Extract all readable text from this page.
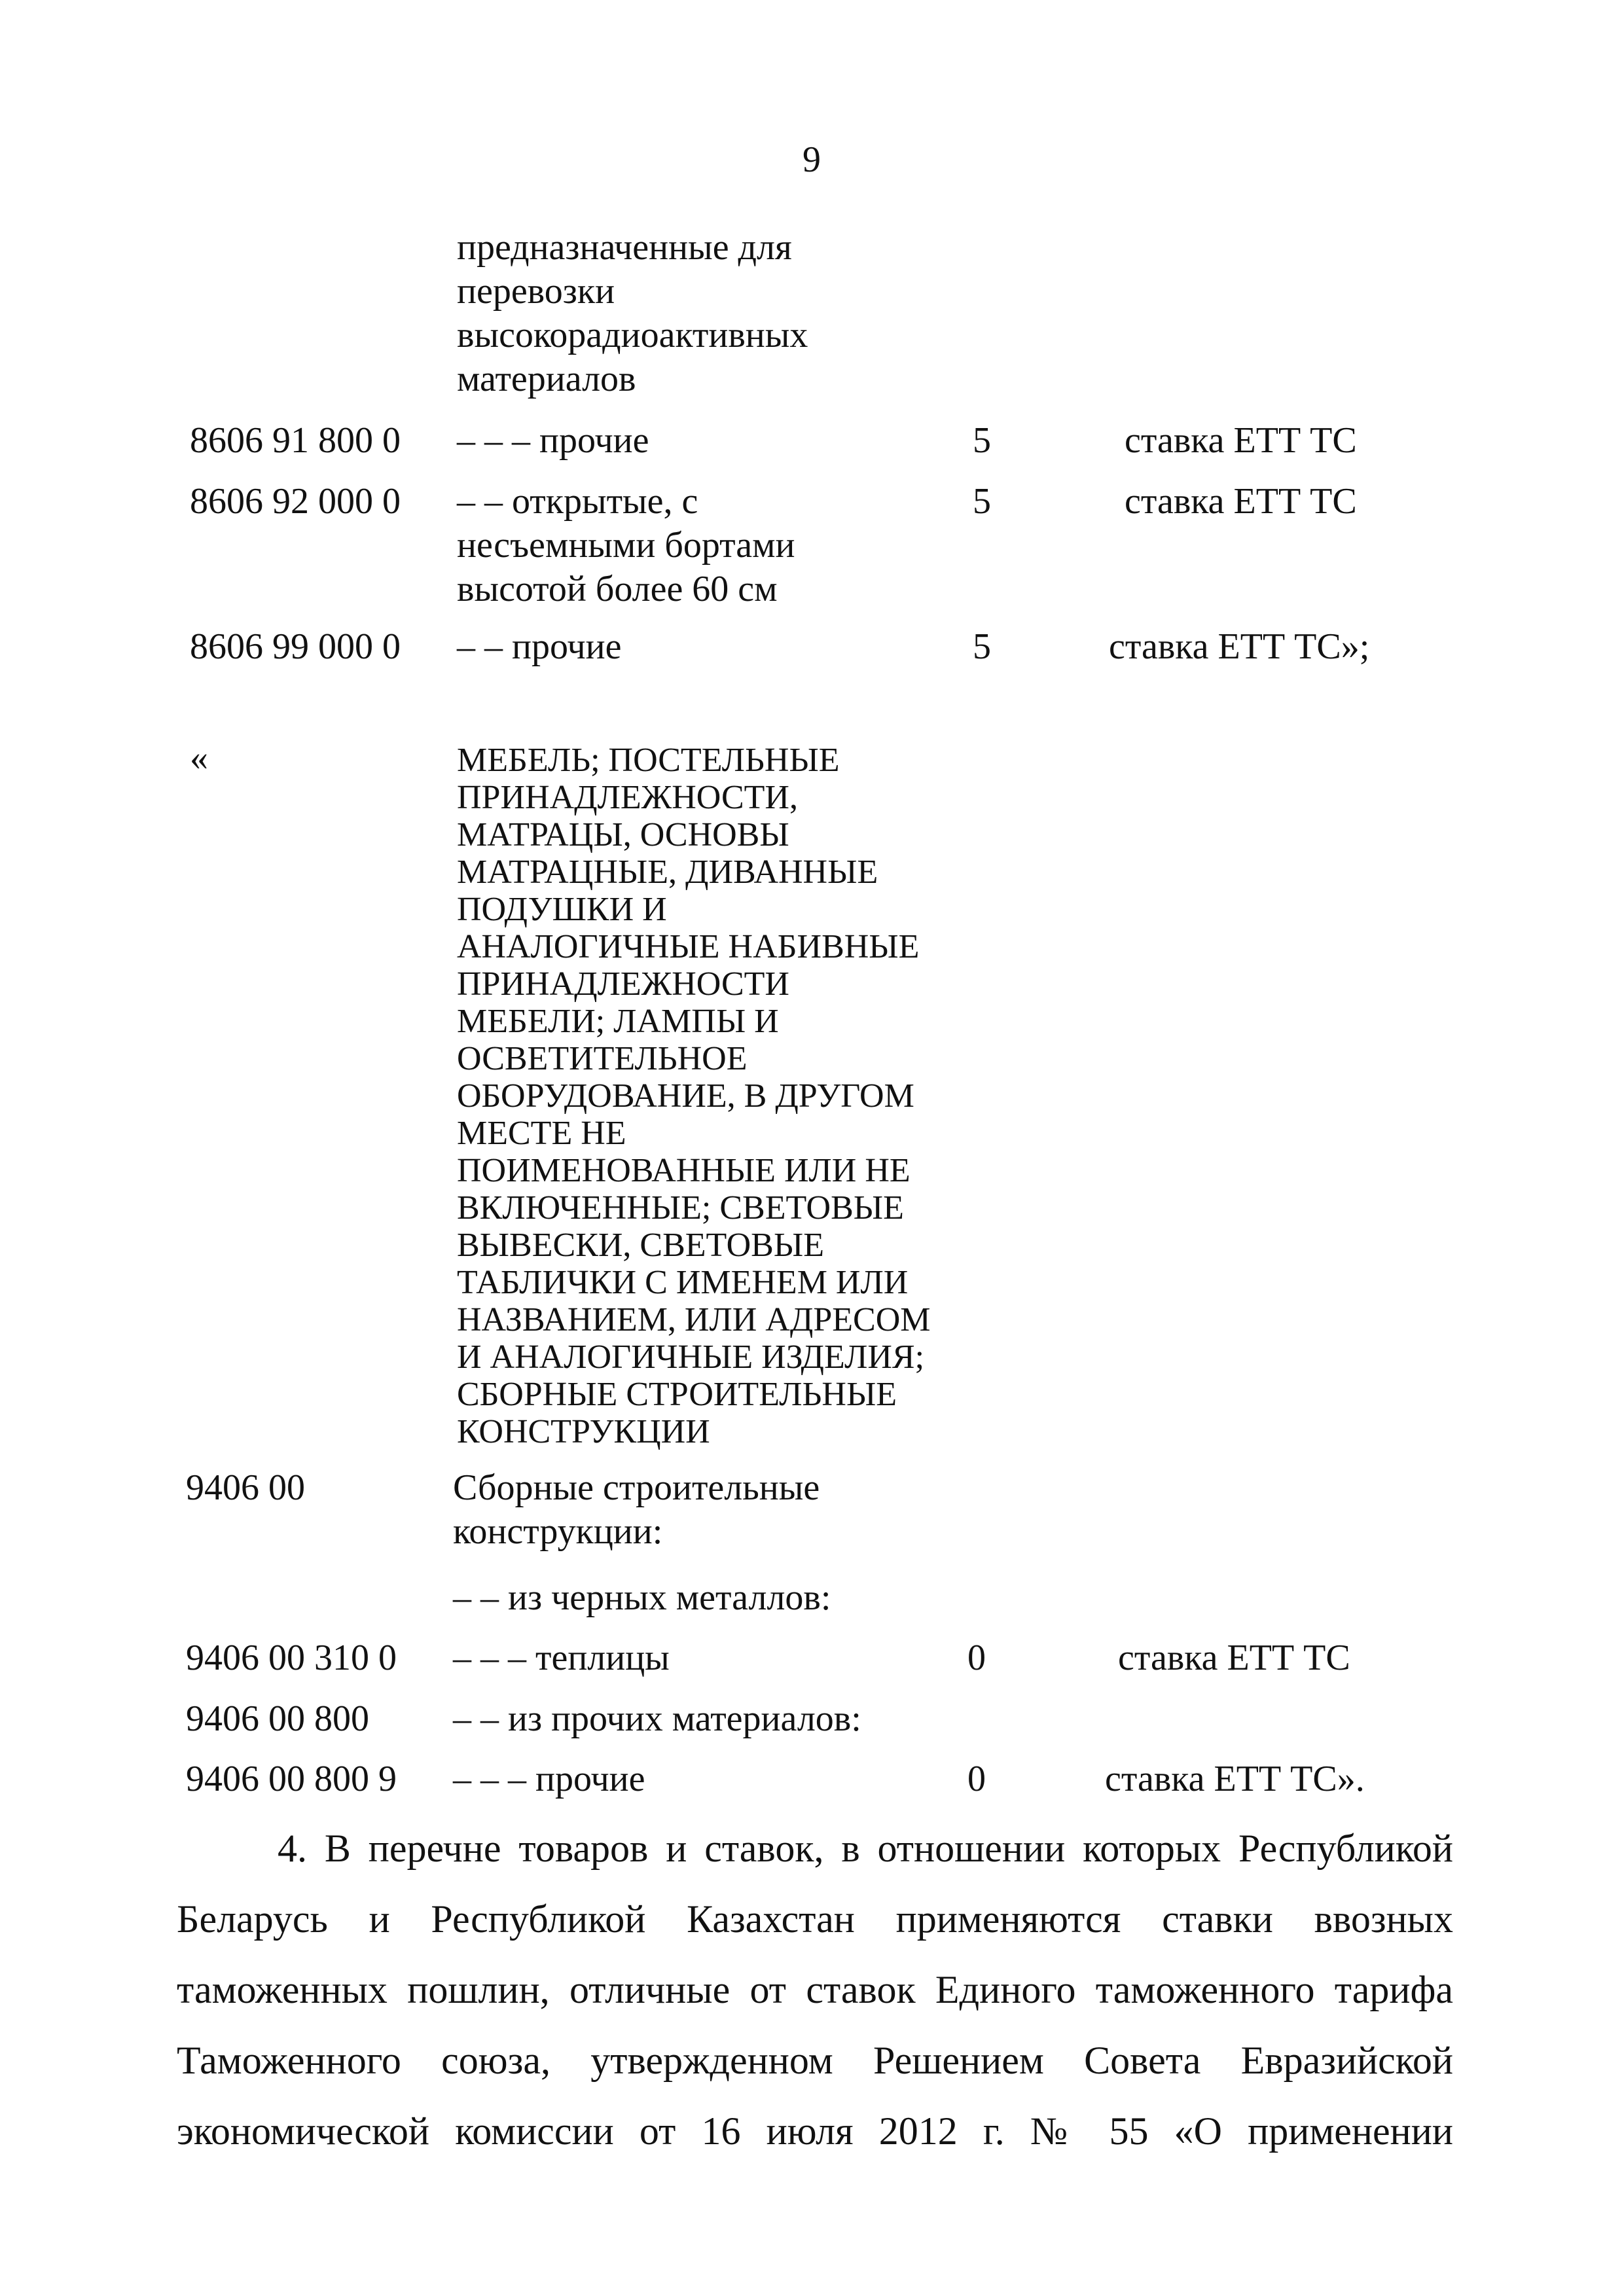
9
предназначенные для
перевозки
высокорадиоактивных
материалов
8606 91 800 0 – – – прочие	5	ставка ЕТТ ТС
8606 92 000 0 – – открытые, с
несъемными бортами
высотой более 60 см
5	ставка ЕТТ ТС
8606 99 000 0 – – прочие	5	ставка ЕТТ ТС»;
«	МЕБЕЛЬ; ПОСТЕЛЬНЫЕ
ПРИНАДЛЕЖНОСТИ,
МАТРАЦЫ, ОСНОВЫ
МАТРАЦНЫЕ, ДИВАННЫЕ
ПОДУШКИ И
АНАЛОГИЧНЫЕ НАБИВНЫЕ
ПРИНАДЛЕЖНОСТИ
МЕБЕЛИ; ЛАМПЫ И
ОСВЕТИТЕЛЬНОЕ
ОБОРУДОВАНИЕ, В ДРУГОМ
МЕСТЕ НЕ
ПОИМЕНОВАННЫЕ ИЛИ НЕ
ВКЛЮЧЕННЫЕ; СВЕТОВЫЕ
ВЫВЕСКИ, СВЕТОВЫЕ
ТАБЛИЧКИ С ИМЕНЕМ ИЛИ
НАЗВАНИЕМ, ИЛИ АДРЕСОМ
И АНАЛОГИЧНЫЕ ИЗДЕЛИЯ;
СБОРНЫЕ СТРОИТЕЛЬНЫЕ
КОНСТРУКЦИИ
9406 00	Сборные строительные
конструкции:
– – из черных металлов:
9406 00 310 0 – – – теплицы	0	ставка ЕТТ ТС
9406 00 800 – – из прочих материалов:
9406 00 800 9 – – – прочие	0	ставка ЕТТ ТС».
4. В перечне товаров и ставок, в отношении которых Республикой
Беларусь и Республикой Казахстан применяются ставки ввозных
таможенных пошлин, отличные от ставок Единого таможенного тарифа
Таможенного союза, утвержденном Решением Совета Евразийской
экономической комиссии от 16 июля 2012 г. № 55 «О применении
